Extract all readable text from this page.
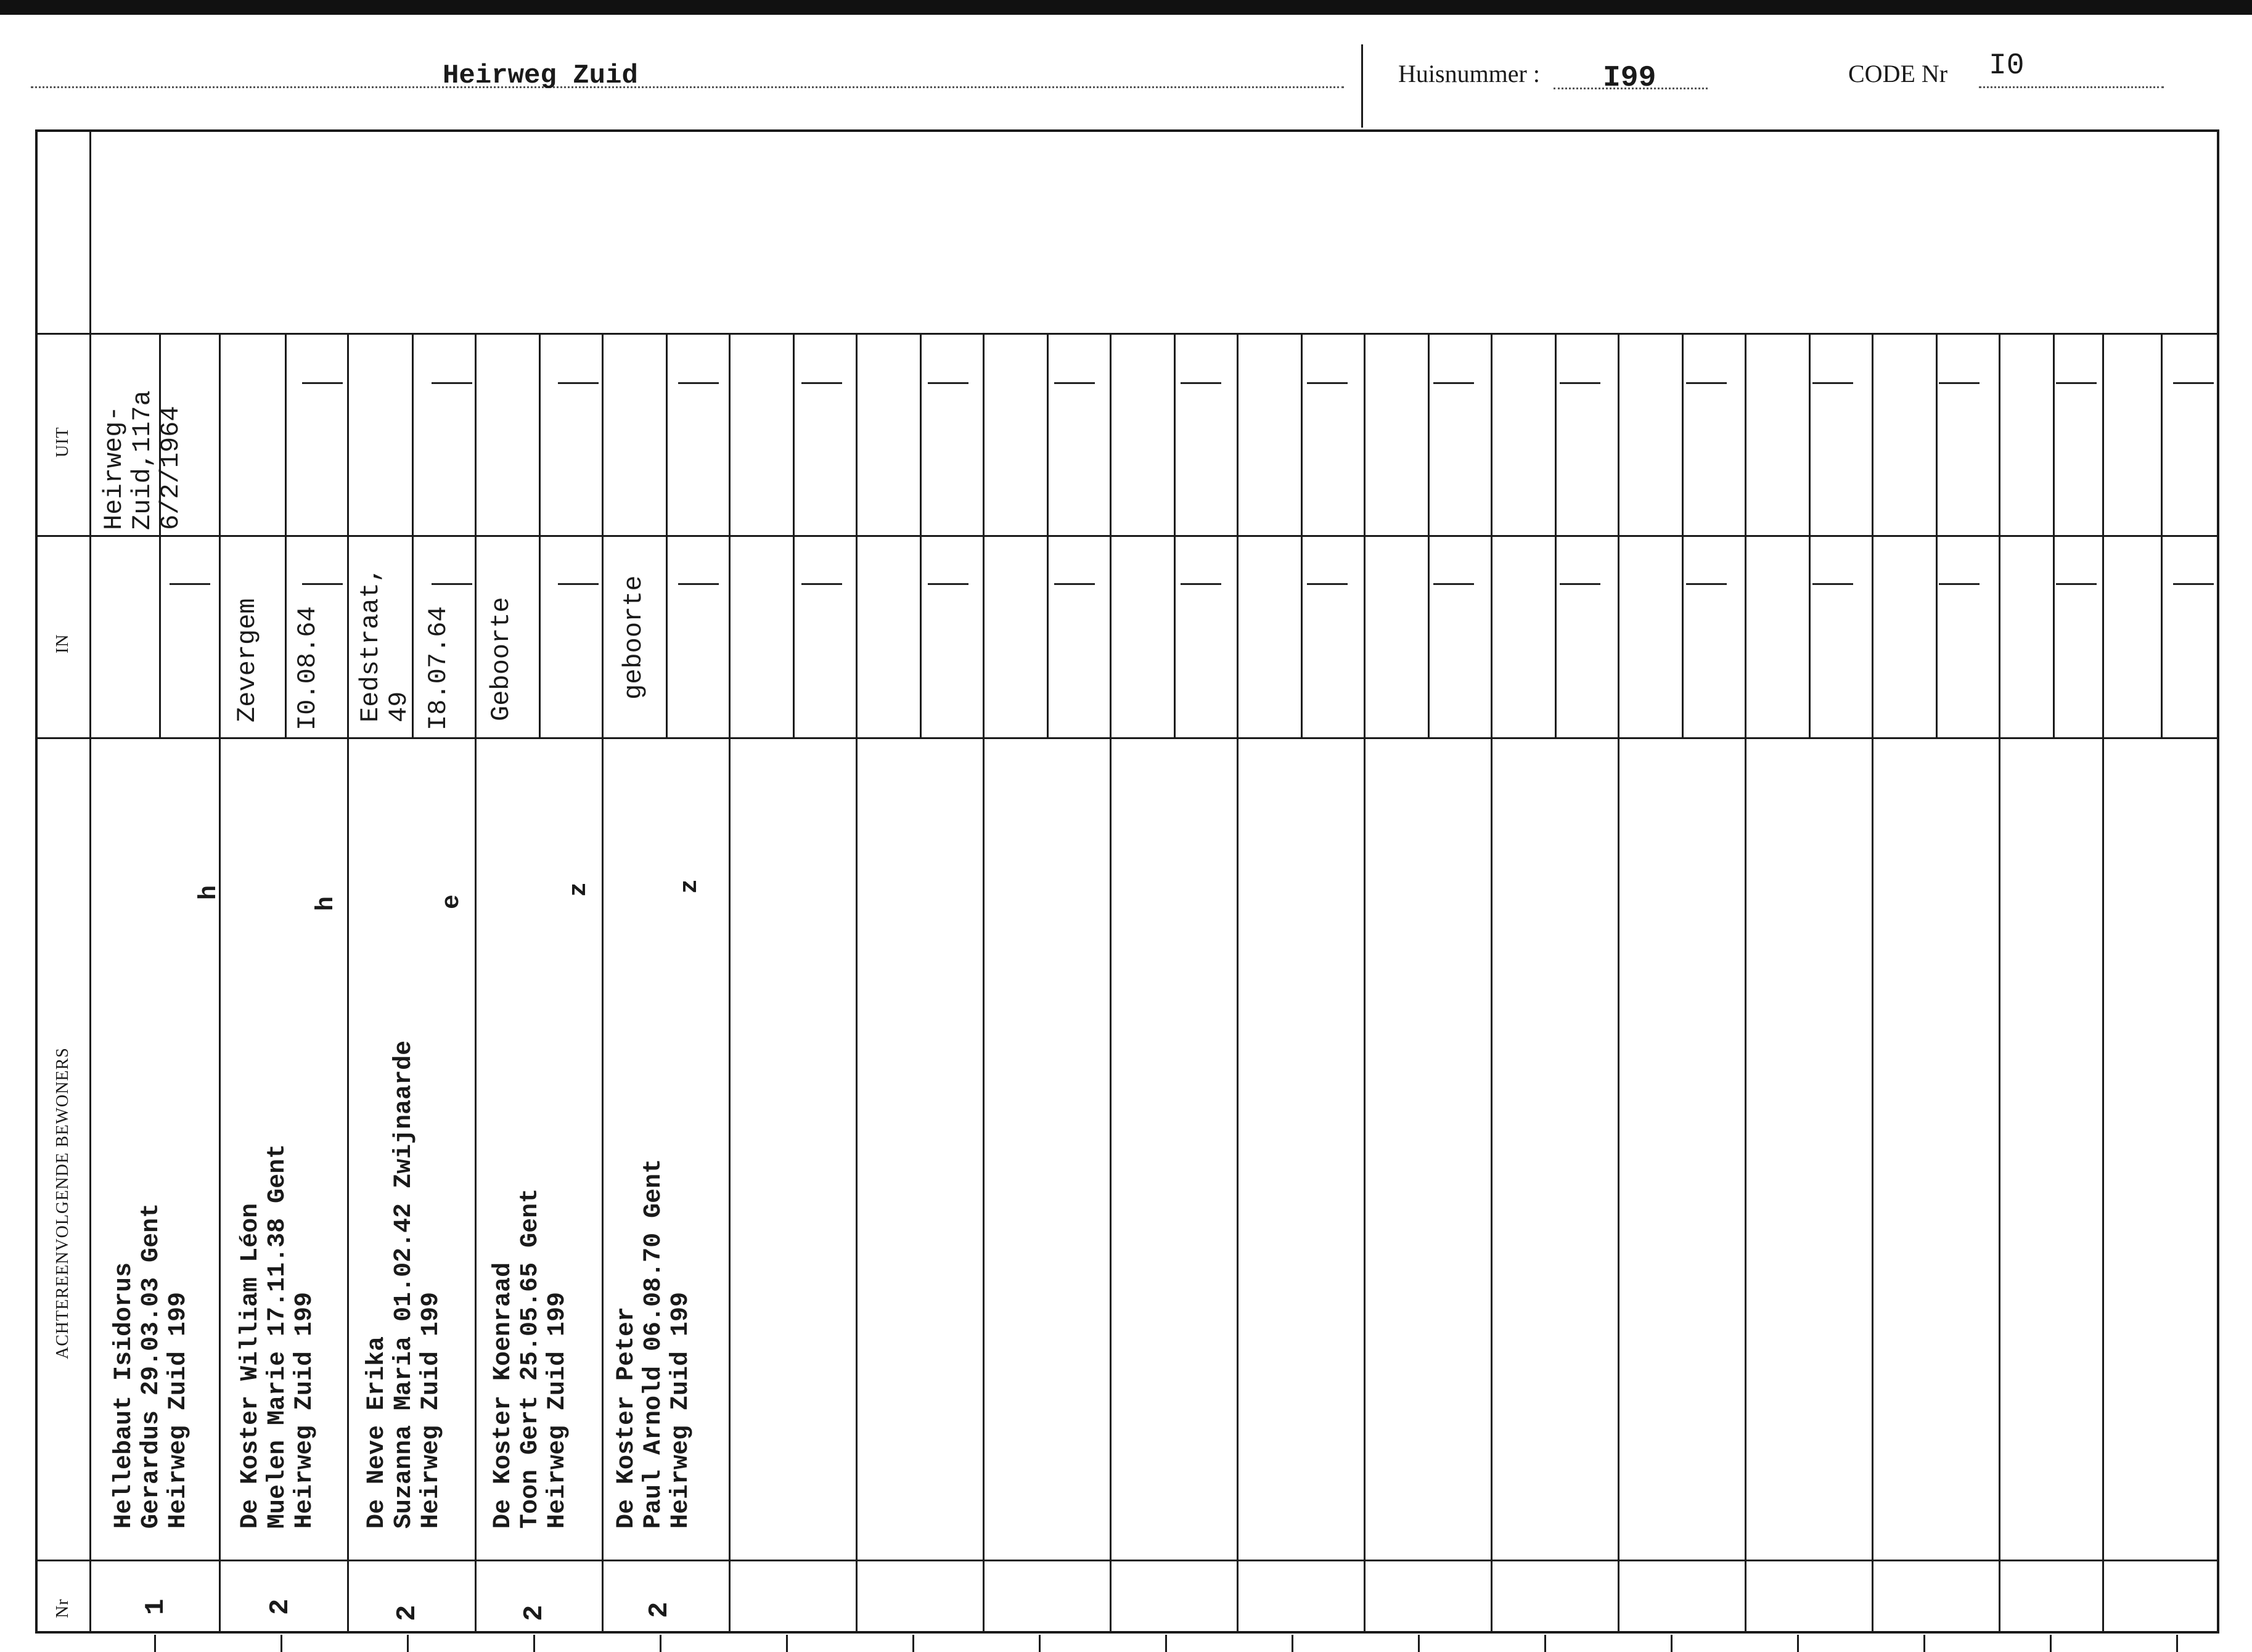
Heirweg Zuid	Huisnummer : I99	CODE Nr I0
Nr
ACHTEREENVOLGENDE BEWONERS
IN
UIT
Hellebaut Isidorus Gerardus 29.03.03 Gent Heirweg Zuid 199
h
Heirweg-
Zuid,117a
6/2/1964
1
De Koster William Léon Muelen Marie 17.11.38 Gent Heirweg Zuid 199
h
Zevergem I0.08.64
2
De Neve Erika Suzanna Maria 01.02.42 Zwijnaarde Heirweg Zuid 199
e
Eedstraat,
49 I8.07.64
2
De Koster Koenraad Toon Gert 25.05.65 Gent Heirweg Zuid 199
z
Geboorte
2
De Koster Peter Paul Arnold 06.08.70 Gent Heirweg Zuid 199
z
geboorte
2
